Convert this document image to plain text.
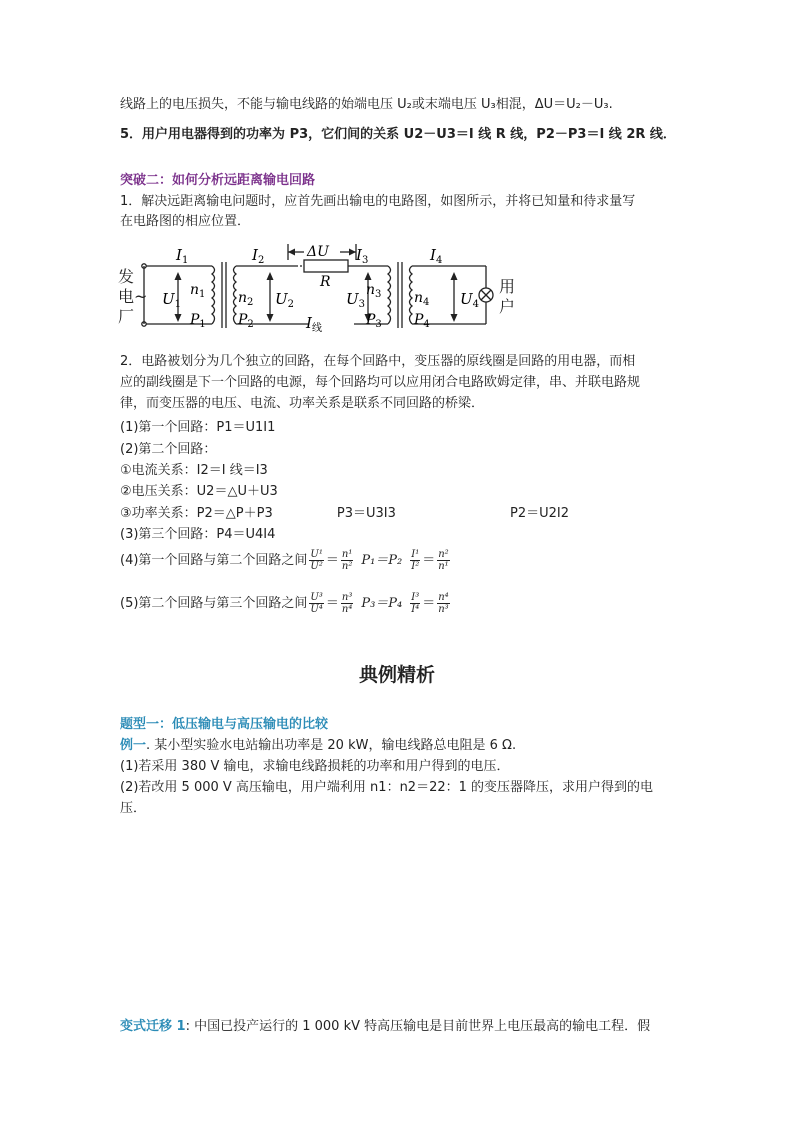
线路上的电压损失，不能与输电线路的始端电压 U₂或末端电压 U₃相混，ΔU＝U₂－U₃.
5．用户用电器得到的功率为 P3，它们间的关系 U2－U3＝I 线 R 线，P2－P3＝I 线 2R 线．
突破二：如何分析远距离输电回路
1．解决远距离输电问题时，应首先画出输电的电路图，如图所示，并将已知量和待求量写
在电路图的相应位置．
发
电~
厂
用
户
$I_1$
$U_1$
$n_1$
$P_1$
$I_2$
$n_2$ $U_2$
$P_2$
ΔU
R
$I_线$
$I_3$
$U_3$
$n_3$
$P_3$
$I_4$
$n_4$ $U_4$
$P_4$
2．电路被划分为几个独立的回路，在每个回路中，变压器的原线圈是回路的用电器，而相
应的副线圈是下一个回路的电源，每个回路均可以应用闭合电路欧姆定律，串、并联电路规
律，而变压器的电压、电流、功率关系是联系不同回路的桥梁．
(1)第一个回路：P1＝U1I1
(2)第二个回路：
①电流关系：I2＝I 线＝I3
②电压关系：U2＝△U＋U3
③功率关系：P2＝△P＋P3	P3＝U3I3	P2＝U2I2
(3)第三个回路：P4＝U4I4
(4)第一个回路与第二个回路之间 $\frac{\text{U¹}}{\text{U²}} = \frac{\text{n¹}}{\text{n²}} P_1=P_2 \frac{\text{I¹}}{\text{I²}} = \frac{\text{n²}}{\text{n¹}}$
(5)第二个回路与第三个回路之间 $\frac{\text{U³}}{\text{U⁴}} = \frac{\text{n³}}{\text{n⁴}} P_3=P_4 \frac{\text{I³}}{\text{I⁴}} = \frac{\text{n⁴}}{\text{n³}}$
典例精析
题型一：低压输电与高压输电的比较
例一. 某小型实验水电站输出功率是 20 kW，输电线路总电阻是 6 Ω.
(1)若采用 380 V 输电，求输电线路损耗的功率和用户得到的电压．
(2)若改用 5 000 V 高压输电，用户端利用 n1：n2＝22：1 的变压器降压，求用户得到的电
压．
变式迁移 1: 中国已投产运行的 1 000 kV 特高压输电是目前世界上电压最高的输电工程．假
